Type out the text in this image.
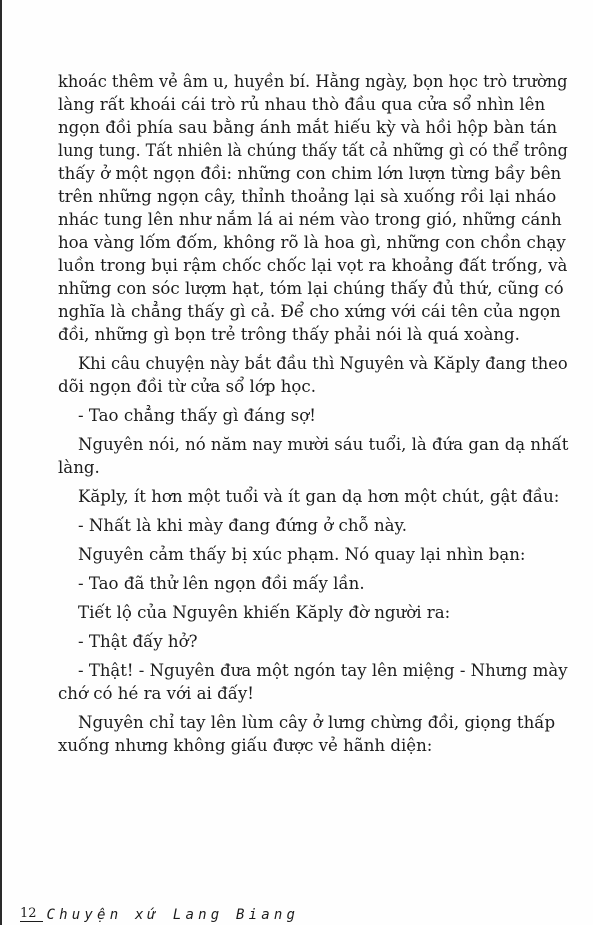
khoác thêm vẻ âm u, huyền bí. Hằng ngày, bọn học trò trường
làng rất khoái cái trò rủ nhau thò đầu qua cửa sổ nhìn lên
ngọn đồi phía sau bằng ánh mắt hiếu kỳ và hồi hộp bàn tán
lung tung. Tất nhiên là chúng thấy tất cả những gì có thể trông
thấy ở một ngọn đồi: những con chim lớn lượn từng bầy bên
trên những ngọn cây, thỉnh thoảng lại sà xuống rồi lại nháo
nhác tung lên như nắm lá ai ném vào trong gió, những cánh
hoa vàng lốm đốm, không rõ là hoa gì, những con chồn chạy
luồn trong bụi rậm chốc chốc lại vọt ra khoảng đất trống, và
những con sóc lượm hạt, tóm lại chúng thấy đủ thứ, cũng có
nghĩa là chẳng thấy gì cả. Để cho xứng với cái tên của ngọn
đồi, những gì bọn trẻ trông thấy phải nói là quá xoàng.
Khi câu chuyện này bắt đầu thì Nguyên và Kăply đang theo
dõi ngọn đồi từ cửa sổ lớp học.
- Tao chẳng thấy gì đáng sợ!
Nguyên nói, nó năm nay mười sáu tuổi, là đứa gan dạ nhất
làng.
Kăply, ít hơn một tuổi và ít gan dạ hơn một chút, gật đầu:
- Nhất là khi mày đang đứng ở chỗ này.
Nguyên cảm thấy bị xúc phạm. Nó quay lại nhìn bạn:
- Tao đã thử lên ngọn đồi mấy lần.
Tiết lộ của Nguyên khiến Kăply đờ người ra:
- Thật đấy hở?
- Thật! - Nguyên đưa một ngón tay lên miệng - Nhưng mày
chớ có hé ra với ai đấy!
Nguyên chỉ tay lên lùm cây ở lưng chừng đồi, giọng thấp
xuống nhưng không giấu được vẻ hãnh diện:
12 Chuyện xứ Lang Biang
